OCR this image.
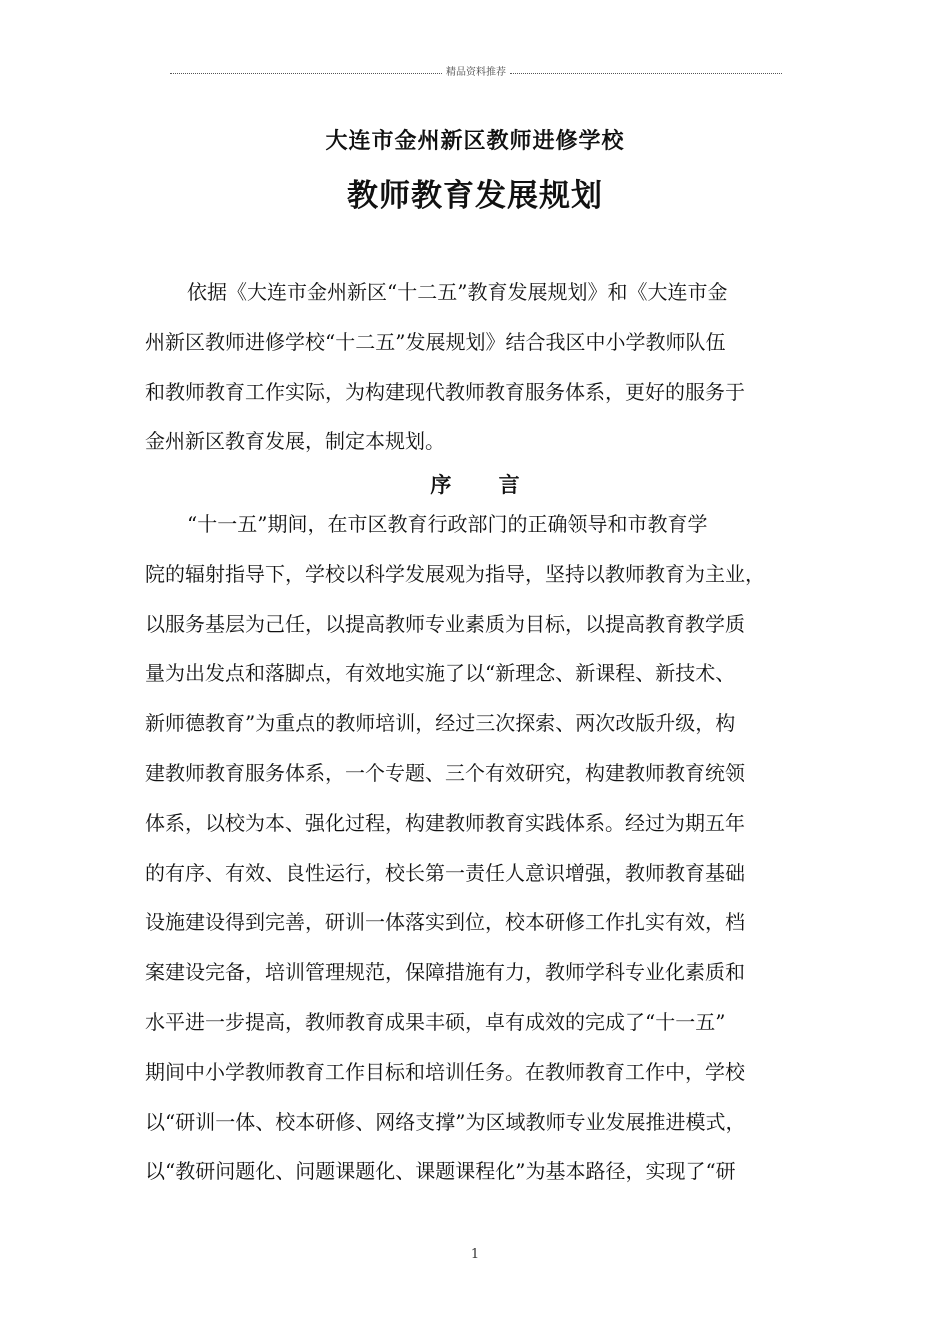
精品资料推荐
大连市金州新区教师进修学校
教师教育发展规划
依据《大连市金州新区“十二五”教育发展规划》和《大连市金
州新区教师进修学校“十二五”发展规划》结合我区中小学教师队伍
和教师教育工作实际，为构建现代教师教育服务体系，更好的服务于
金州新区教育发展，制定本规划。
序 言
“十一五”期间，在市区教育行政部门的正确领导和市教育学
院的辐射指导下，学校以科学发展观为指导，坚持以教师教育为主业，
以服务基层为己任，以提高教师专业素质为目标，以提高教育教学质
量为出发点和落脚点，有效地实施了以“新理念、新课程、新技术、
新师德教育”为重点的教师培训，经过三次探索、两次改版升级，构
建教师教育服务体系，一个专题、三个有效研究，构建教师教育统领
体系，以校为本、强化过程，构建教师教育实践体系。经过为期五年
的有序、有效、良性运行，校长第一责任人意识增强，教师教育基础
设施建设得到完善，研训一体落实到位，校本研修工作扎实有效，档
案建设完备，培训管理规范，保障措施有力，教师学科专业化素质和
水平进一步提高，教师教育成果丰硕，卓有成效的完成了“十一五”
期间中小学教师教育工作目标和培训任务。在教师教育工作中，学校
以“研训一体、校本研修、网络支撑”为区域教师专业发展推进模式，
以“教研问题化、问题课题化、课题课程化”为基本路径，实现了“研
1
